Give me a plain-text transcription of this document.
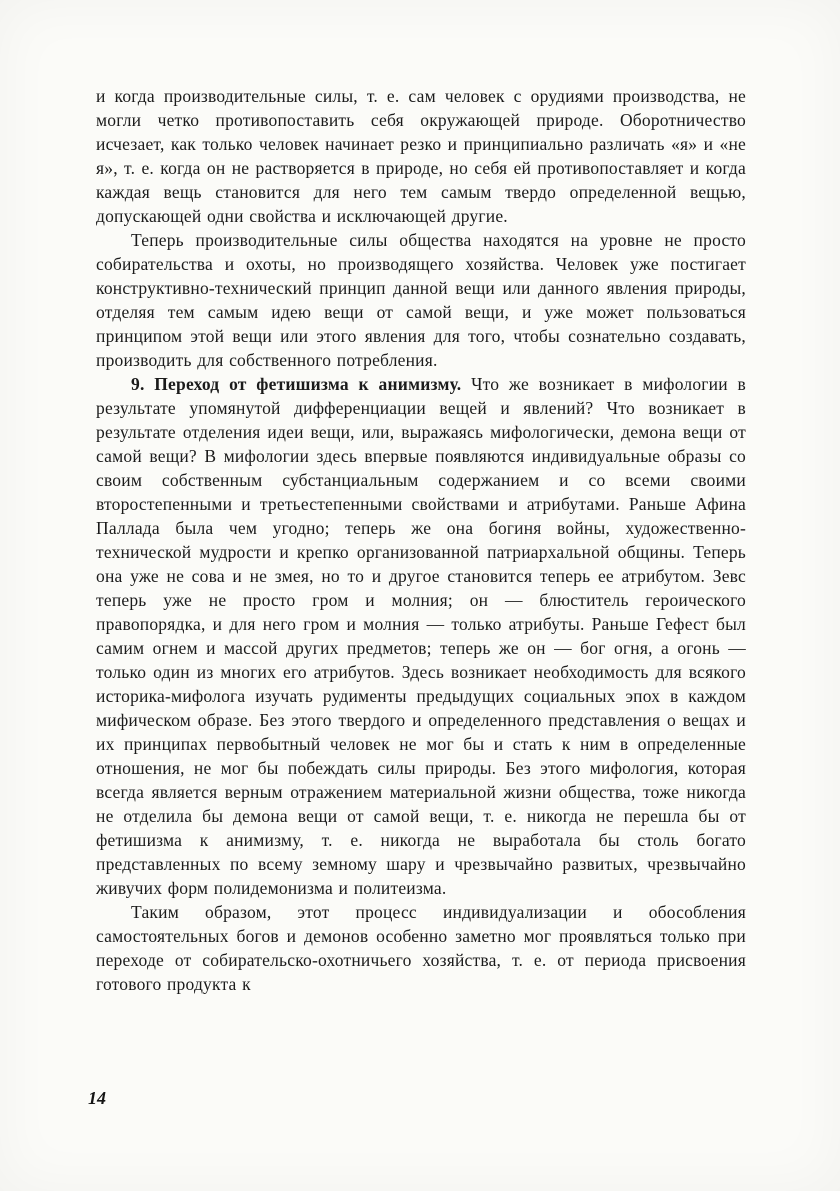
и когда производительные силы, т. е. сам человек с орудиями производства, не могли четко противопоставить себя окружающей природе. Оборотничество исчезает, как только человек начинает резко и принципиально различать «я» и «не я», т. е. когда он не растворяется в природе, но себя ей противопоставляет и когда каждая вещь становится для него тем самым твердо определенной вещью, допускающей одни свойства и исключающей другие.

Теперь производительные силы общества находятся на уровне не просто собирательства и охоты, но производящего хозяйства. Человек уже постигает конструктивно-технический принцип данной вещи или данного явления природы, отделяя тем самым идею вещи от самой вещи, и уже может пользоваться принципом этой вещи или этого явления для того, чтобы сознательно создавать, производить для собственного потребления.

9. Переход от фетишизма к анимизму. Что же возникает в мифологии в результате упомянутой дифференциации вещей и явлений? Что возникает в результате отделения идеи вещи, или, выражаясь мифологически, демона вещи от самой вещи? В мифологии здесь впервые появляются индивидуальные образы со своим собственным субстанциальным содержанием и со всеми своими второстепенными и третьестепенными свойствами и атрибутами. Раньше Афина Паллада была чем угодно; теперь же она богиня войны, художественно-технической мудрости и крепко организованной патриархальной общины. Теперь она уже не сова и не змея, но то и другое становится теперь ее атрибутом. Зевс теперь уже не просто гром и молния; он — блюститель героического правопорядка, и для него гром и молния — только атрибуты. Раньше Гефест был самим огнем и массой других предметов; теперь же он — бог огня, а огонь — только один из многих его атрибутов. Здесь возникает необходимость для всякого историка-мифолога изучать рудименты предыдущих социальных эпох в каждом мифическом образе. Без этого твердого и определенного представления о вещах и их принципах первобытный человек не мог бы и стать к ним в определенные отношения, не мог бы побеждать силы природы. Без этого мифология, которая всегда является верным отражением материальной жизни общества, тоже никогда не отделила бы демона вещи от самой вещи, т. е. никогда не перешла бы от фетишизма к анимизму, т. е. никогда не выработала бы столь богато представленных по всему земному шару и чрезвычайно развитых, чрезвычайно живучих форм полидемонизма и политеизма.

Таким образом, этот процесс индивидуализации и обособления самостоятельных богов и демонов особенно заметно мог проявляться только при переходе от собирательско-охотничьего хозяйства, т. е. от периода присвоения готового продукта к

14
